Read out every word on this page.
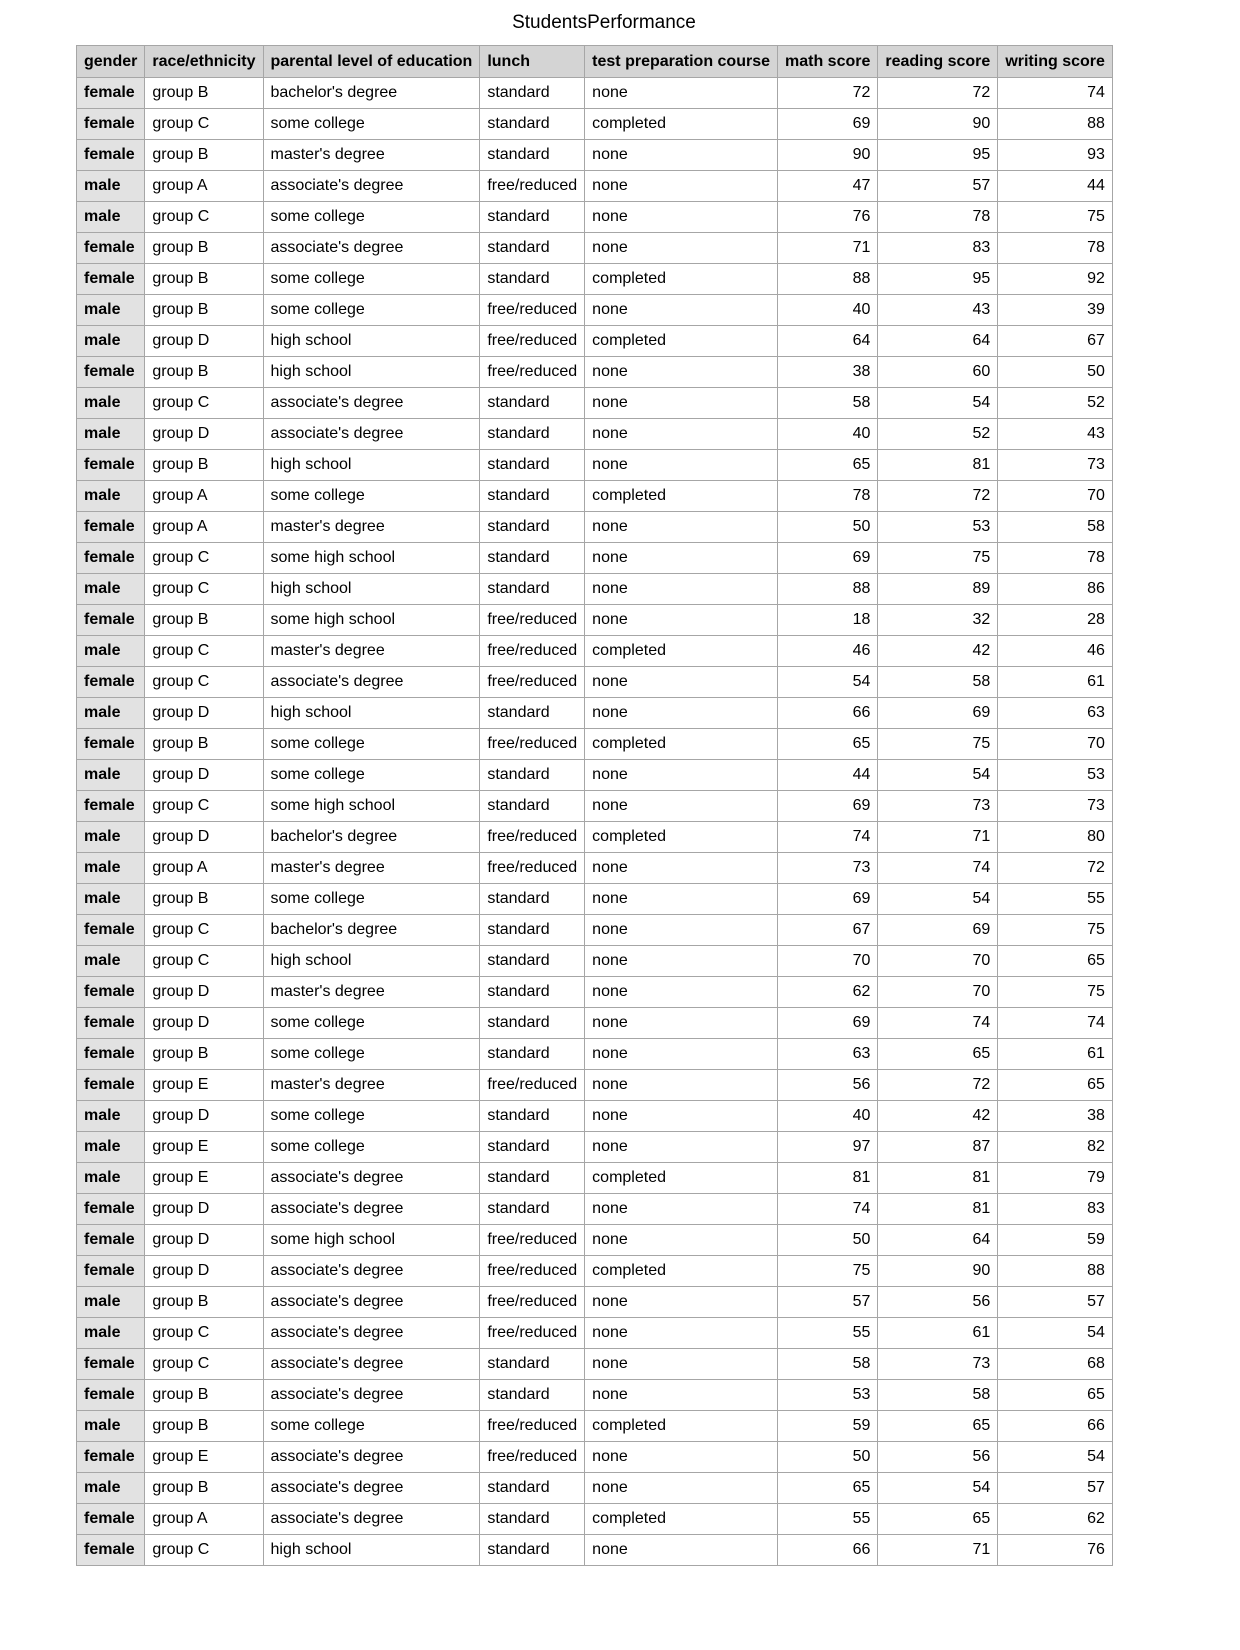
StudentsPerformance
gender	race/ethnicity	parental level of education	lunch	test preparation course	math score	reading score	writing score
female	group B	bachelor's degree	standard	none	72	72	74
female	group C	some college	standard	completed	69	90	88
female	group B	master's degree	standard	none	90	95	93
male	group A	associate's degree	free/reduced	none	47	57	44
male	group C	some college	standard	none	76	78	75
female	group B	associate's degree	standard	none	71	83	78
female	group B	some college	standard	completed	88	95	92
male	group B	some college	free/reduced	none	40	43	39
male	group D	high school	free/reduced	completed	64	64	67
female	group B	high school	free/reduced	none	38	60	50
male	group C	associate's degree	standard	none	58	54	52
male	group D	associate's degree	standard	none	40	52	43
female	group B	high school	standard	none	65	81	73
male	group A	some college	standard	completed	78	72	70
female	group A	master's degree	standard	none	50	53	58
female	group C	some high school	standard	none	69	75	78
male	group C	high school	standard	none	88	89	86
female	group B	some high school	free/reduced	none	18	32	28
male	group C	master's degree	free/reduced	completed	46	42	46
female	group C	associate's degree	free/reduced	none	54	58	61
male	group D	high school	standard	none	66	69	63
female	group B	some college	free/reduced	completed	65	75	70
male	group D	some college	standard	none	44	54	53
female	group C	some high school	standard	none	69	73	73
male	group D	bachelor's degree	free/reduced	completed	74	71	80
male	group A	master's degree	free/reduced	none	73	74	72
male	group B	some college	standard	none	69	54	55
female	group C	bachelor's degree	standard	none	67	69	75
male	group C	high school	standard	none	70	70	65
female	group D	master's degree	standard	none	62	70	75
female	group D	some college	standard	none	69	74	74
female	group B	some college	standard	none	63	65	61
female	group E	master's degree	free/reduced	none	56	72	65
male	group D	some college	standard	none	40	42	38
male	group E	some college	standard	none	97	87	82
male	group E	associate's degree	standard	completed	81	81	79
female	group D	associate's degree	standard	none	74	81	83
female	group D	some high school	free/reduced	none	50	64	59
female	group D	associate's degree	free/reduced	completed	75	90	88
male	group B	associate's degree	free/reduced	none	57	56	57
male	group C	associate's degree	free/reduced	none	55	61	54
female	group C	associate's degree	standard	none	58	73	68
female	group B	associate's degree	standard	none	53	58	65
male	group B	some college	free/reduced	completed	59	65	66
female	group E	associate's degree	free/reduced	none	50	56	54
male	group B	associate's degree	standard	none	65	54	57
female	group A	associate's degree	standard	completed	55	65	62
female	group C	high school	standard	none	66	71	76
